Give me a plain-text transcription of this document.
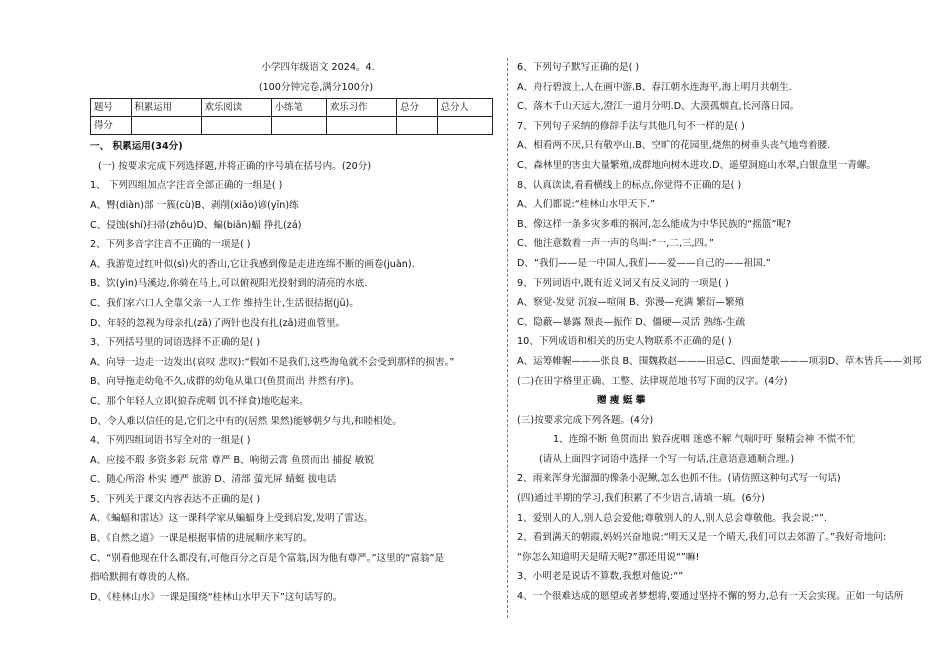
小学四年级语文 2024。4.
(100分钟完卷,满分100分)
题号	积累运用	欢乐阅读	小练笔	欢乐习作	总分	总分人
得分						
一、 积累运用(34分)
(一) 按要求完成下列选择题,并将正确的序号填在括号内。(20分)
1、 下列四组加点字注音全部正确的一组是( )
A、臀(diàn)部 一簇(cù)B、剥削(xiāo)谚(yīn)练
C、侵蚀(shí)扫帚(zhōu)D、蝙(biān)蝠 挣扎(zá)
2、下列多音字注音不正确的一项是( )
A、我游览过红叶似(sì)火的香山,它让我感到像是走进连绵不断的画卷(juàn).
B、饮(yìn)马溪边,你骑在马上,可以俯视阳光投射到的清亮的水底.
C、我们家六口人全靠父亲一人工作 维持生计,生活很拮据(jū)。
D、年轻的忽视为母亲扎(zā)了两针也没有扎(zā)进血管里。
3、下列括号里的词语选择不正确的是( )
A、向导一边走一边发出(哀叹 悲叹):“假如不是我们,这些海龟就不会受到那样的损害。”
B、向导拖走幼龟不久,成群的幼龟从巢口(鱼贯而出 井然有序)。
C、那个年轻人立即(狼吞虎咽 饥不择食)地吃起来。
D、令人难以信任的是,它们之中有的(居然 果然)能够朝夕与共,和睦相处。
4、下列四组词语书写全对的一组是( )
A、应接不瑕 多资多彩 玩常 尊严 B、响彻云霄 鱼贯而出 捕捉 敏锐
C、随心所浴 朴实 遵严 旅游 D、清部 萤光屏 蜻蜓 拔电话
5、下列关于课文内容表达不正确的是( )
A、《蝙蝠和雷达》这一课科学家从蝙蝠身上受到启发,发明了雷达。
B、《自然之道》一课是根据事情的进展顺序来写的。
C、“别看他现在什么都没有,可他百分之百是个富翁,因为他有尊严。”这里的“富翁”是
指哈默拥有尊贵的人格。
D、《桂林山水》一课是围绕“桂林山水甲天下”这句话写的。
6、下列句子默写正确的是( )
A、舟行碧波上,人在画中游.B、春江朝水连海平,海上明月共朝生.
C、落木千山天远大,澄江一道月分明.D、大漠孤烟直,长河落日园。
7、下列句子采纳的修辞手法与其他几句不一样的是( )
A、相看两不厌,只有敬亭山.B、空旷的花园里,烧焦的树垂头丧气地弯着腰.
C、森林里的害虫大量繁殖,成群地向树木进攻.D、遥望洞庭山水翠,白银盘里一青螺。
8、认真读读,看看横线上的标点,你觉得不正确的是( )
A、人们都说:“桂林山水甲天下.”
B、像这样一条多灾多难的祸河,怎么能成为中华民族的“摇篮”呢?
C、他注意数着一声一声的鸟叫:“一,二,三,四。”
D、“我们——是一中国人,我们——爱——自己的——祖国.”
9、下列词语中,既有近义词又有反义词的一项是( )
A、察觉-发觉 沉寂—喧闹 B、弥漫—充满 繁衍—繁殖
C、隐蔽—暴露 颓丧—振作 D、僵硬—灵活 熟练-生疏
10、下列成语和相关的历史人物联系不正确的是( )
A、运筹帷幄———张良 B、围魏救赵———田忌C、四面楚歌———项羽D、草木皆兵——刘邦
(二)在田字格里正确、工整、法律规范地书写下面的汉字。(4分)
赠 瘦 蜓 攀
(三)按要求完成下列各题。(4分)
1、连绵不断 鱼贯而出 狼吞虎咽 迷惑不解 气喘吁吁 聚精会神 不慌不忙
(请从上面四字词语中选择一个写一句话,注意语意通顺合理。)
2、雨来浑身光溜溜的像条小泥鳅,怎么也抓不住。(请仿照这种句式写一句话)
(四)通过半期的学习,我们积累了不少语言,请填一填。(6分)
1、爱别人的人,别人总会爱他;尊敬别人的人,别人总会尊敬他。我会说:“”.
2、看到满天的朝霞,妈妈兴奋地说:“明天又是一个晴天,我们可以去郊游了。”我好奇地问:
“你怎么知道明天是晴天呢?”那还用说“”嘛!
3、小明老是说话不算数,我想对他说:“”
4、一个很难达成的愿望或者梦想将,要通过坚持不懈的努力,总有一天会实现。正如一句话所
